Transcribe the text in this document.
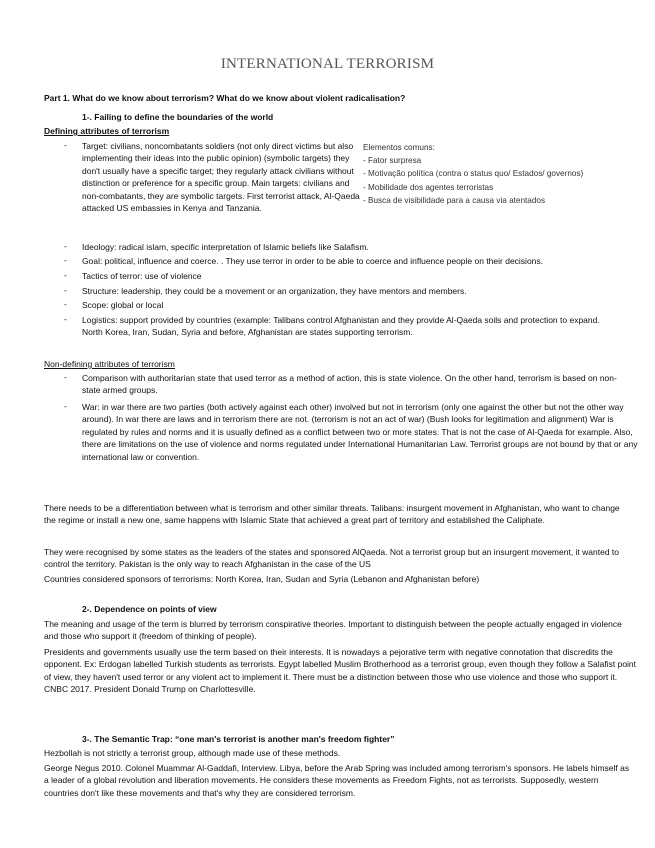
INTERNATIONAL TERRORISM
Part 1. What do we know about terrorism? What do we know about violent radicalisation?
1-. Failing to define the boundaries of the world
Defining attributes of terrorism
- Target: civilians, noncombatants soldiers (not only direct victims but also implementing their ideas into the public opinion) (symbolic targets) they don't usually have a specific target; they regularly attack civilians without distinction or preference for a specific group. Main targets: civilians and non-combatants, they are symbolic targets. First terrorist attack, Al-Qaeda attacked US embassies in Kenya and Tanzania.
Elementos comuns:
- Fator surpresa
- Motivação política (contra o status quo/ Estados/ governos)
- Mobilidade dos agentes terroristas
- Busca de visibilidade para a causa via atentados
- Ideology: radical islam, specific interpretation of Islamic beliefs like Salafism.
- Goal: political, influence and coerce. . They use terror in order to be able to coerce and influence people on their decisions.
- Tactics of terror: use of violence
- Structure: leadership, they could be a movement or an organization, they have mentors and members.
- Scope: global or local
- Logistics: support provided by countries (example: Talibans control Afghanistan and they provide Al-Qaeda soils and protection to expand. North Korea, Iran, Sudan, Syria and before, Afghanistan are states supporting terrorism.
Non-defining attributes of terrorism
- Comparison with authoritarian state that used terror as a method of action, this is state violence. On the other hand, terrorism is based on non-state armed groups.
- War: in war there are two parties (both actively against each other) involved but not in terrorism (only one against the other but not the other way around). In war there are laws and in terrorism there are not. (terrorism is not an act of war) (Bush looks for legitimation and alignment) War is regulated by rules and norms and it is usually defined as a conflict between two or more states. That is not the case of Al-Qaeda for example. Also, there are limitations on the use of violence and norms regulated under International Humanitarian Law. Terrorist groups are not bound by that or any international law or convention.
There needs to be a differentiation between what is terrorism and other similar threats. Talibans: insurgent movement in Afghanistan, who want to change the regime or install a new one, same happens with Islamic State that achieved a great part of territory and established the Caliphate.
They were recognised by some states as the leaders of the states and sponsored AlQaeda. Not a terrorist group but an insurgent movement, it wanted to control the territory. Pakistan is the only way to reach Afghanistan in the case of the US
Countries considered sponsors of terrorisms: North Korea, Iran, Sudan and Syria (Lebanon and Afghanistan before)
2-. Dependence on points of view
The meaning and usage of the term is blurred by terrorism conspirative theories. Important to distinguish between the people actually engaged in violence and those who support it (freedom of thinking of people).
Presidents and governments usually use the term based on their interests. It is nowadays a pejorative term with negative connotation that discredits the opponent. Ex: Erdogan labelled Turkish students as terrorists. Egypt labelled Muslim Brotherhood as a terrorist group, even though they follow a Salafist point of view, they haven't used terror or any violent act to implement it. There must be a distinction between those who use violence and those who support it. CNBC 2017. President Donald Trump on Charlottesville.
3-. The Semantic Trap: “one man's terrorist is another man's freedom fighter”
Hezbollah is not strictly a terrorist group, although made use of these methods.
George Negus 2010. Colonel Muammar Al-Gaddafi, Interview. Libya, before the Arab Spring was included among terrorism's sponsors. He labels himself as a leader of a global revolution and liberation movements. He considers these movements as Freedom Fights, not as terrorists. Supposedly, western countries don't like these movements and that's why they are considered terrorism.
